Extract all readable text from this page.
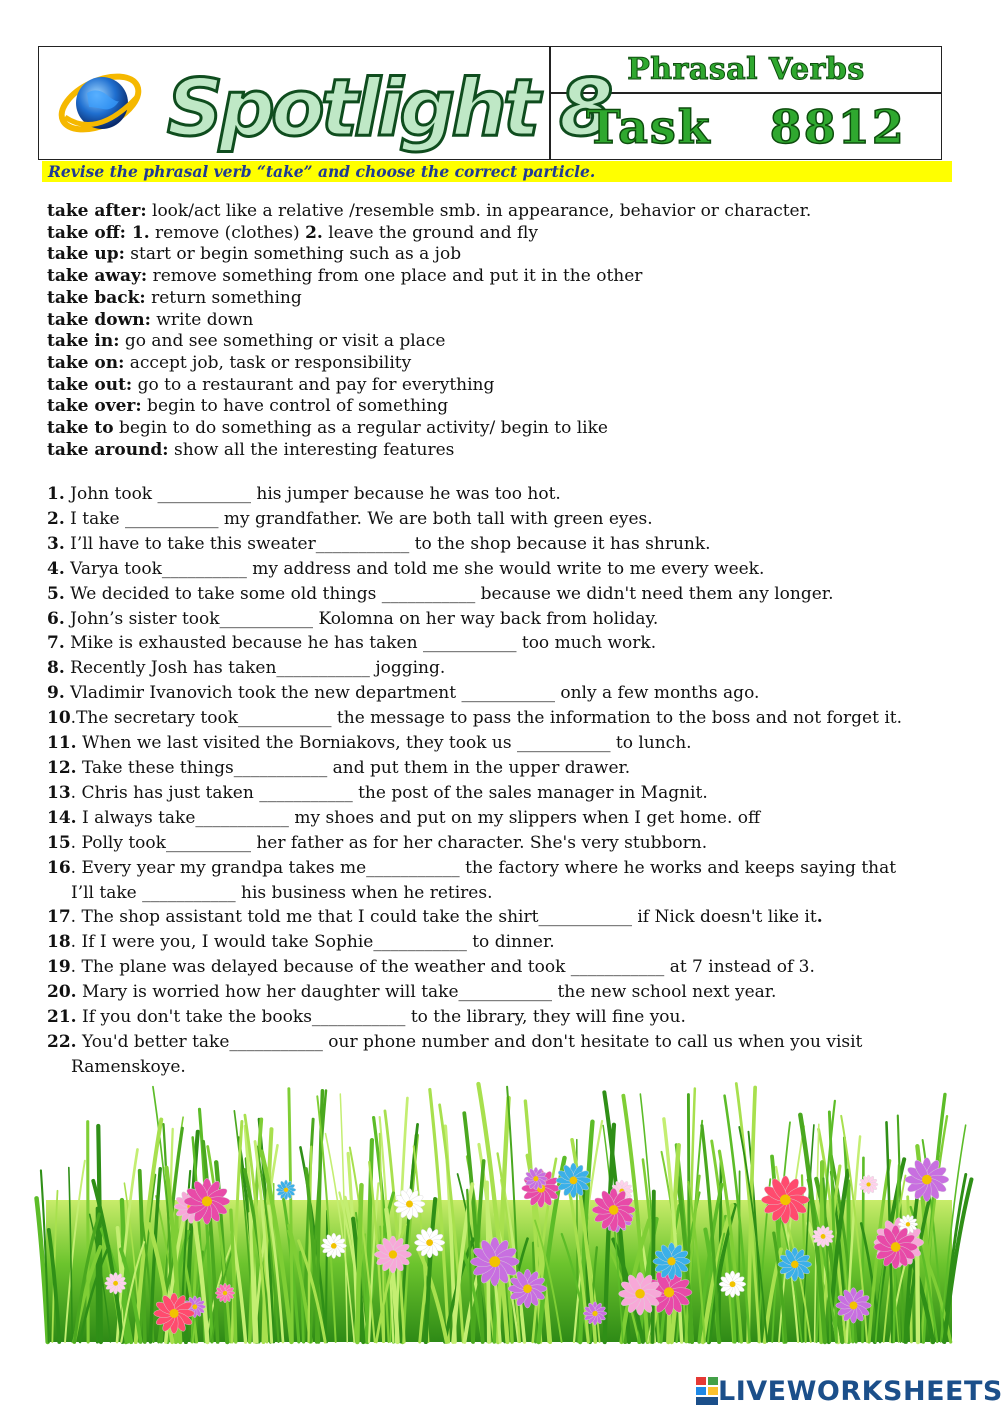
Spotlight 8 Phrasal Verbs
Task
8812
Revise the phrasal verb “take” and choose the correct particle.
take after: look/act like a relative /resemble smb. in appearance, behavior or character.
take off: 1. remove (clothes) 2. leave the ground and fly
take up: start or begin something such as a job
take away: remove something from one place and put it in the other
take back: return something
take down: write down
take in: go and see something or visit a place
take on: accept job, task or responsibility
take out: go to a restaurant and pay for everything
take over: begin to have control of something
take to begin to do something as a regular activity/ begin to like
take around: show all the interesting features
1. John took ___________ his jumper because he was too hot.
2. I take ___________ my grandfather. We are both tall with green eyes.
3. I’ll have to take this sweater___________ to the shop because it has shrunk.
4. Varya took__________ my address and told me she would write to me every week.
5. We decided to take some old things ___________ because we didn't need them any longer.
6. John’s sister took___________ Kolomna on her way back from holiday.
7. Mike is exhausted because he has taken ___________ too much work.
8. Recently Josh has taken___________ jogging.
9. Vladimir Ivanovich took the new department ___________ only a few months ago.
10.The secretary took___________ the message to pass the information to the boss and not forget it.
11. When we last visited the Borniakovs, they took us ___________ to lunch.
12. Take these things___________ and put them in the upper drawer.
13. Chris has just taken ___________ the post of the sales manager in Magnit.
14. I always take___________ my shoes and put on my slippers when I get home. off
15. Polly took__________ her father as for her character. She's very stubborn.
16. Every year my grandpa takes me___________ the factory where he works and keeps saying that
I’ll take ___________ his business when he retires.
17. The shop assistant told me that I could take the shirt___________ if Nick doesn't like it.
18. If I were you, I would take Sophie___________ to dinner.
19. The plane was delayed because of the weather and took ___________ at 7 instead of 3.
20. Mary is worried how her daughter will take___________ the new school next year.
21. If you don't take the books___________ to the library, they will fine you.
22. You'd better take___________ our phone number and don't hesitate to call us when you visit
Ramenskoye.
LIVEWORKSHEETS
